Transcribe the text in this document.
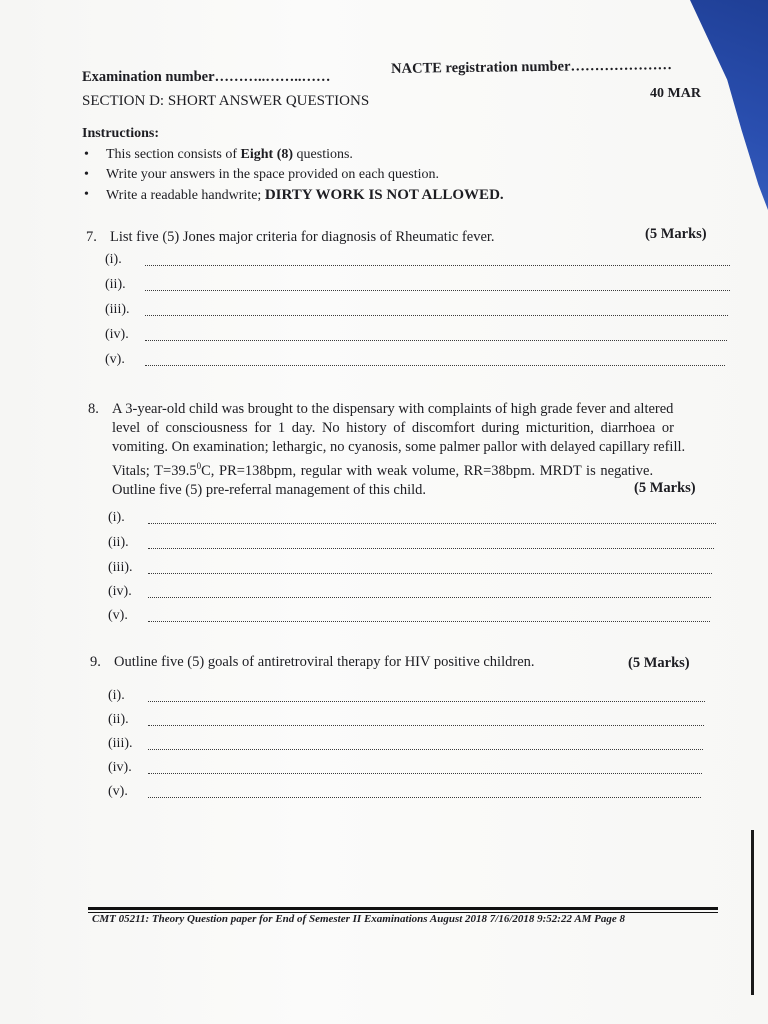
Examination number………..……..……
NACTE registration number…………………
SECTION D: SHORT ANSWER QUESTIONS	40 MAR
Instructions:
• This section consists of Eight (8) questions.
• Write your answers in the space provided on each question.
• Write a readable handwrite; DIRTY WORK IS NOT ALLOWED.
7. List five (5) Jones major criteria for diagnosis of Rheumatic fever.	(5 Marks)
(i).
(ii).
(iii).
(iv).
(v).
8. A 3-year-old child was brought to the dispensary with complaints of high grade fever and altered
level of consciousness for 1 day. No history of discomfort during micturition, diarrhoea or
vomiting. On examination; lethargic, no cyanosis, some palmer pallor with delayed capillary refill.
Vitals; $T=39.5^0C$, PR=138bpm, regular with weak volume, RR=38bpm. MRDT is negative.
Outline five (5) pre-referral management of this child.	(5 Marks)
(i).
(ii).
(iii).
(iv).
(v).
9. Outline five (5) goals of antiretroviral therapy for HIV positive children.	(5 Marks)
(i).
(ii).
(iii).
(iv).
(v).
CMT 05211: Theory Question paper for End of Semester II Examinations August 2018 7/16/2018 9:52:22 AM Page 8
